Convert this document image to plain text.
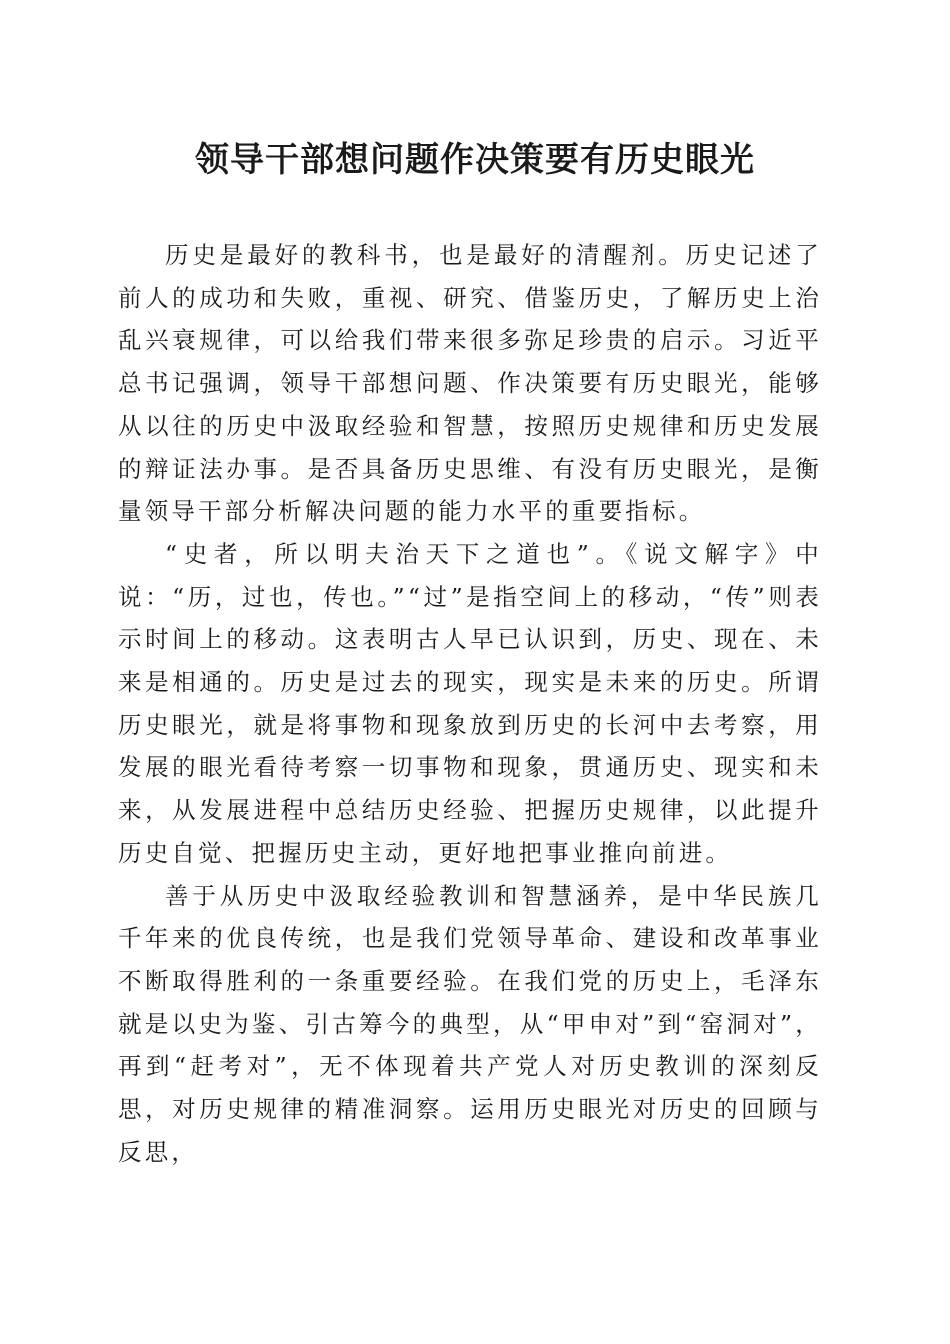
领导干部想问题作决策要有历史眼光

历史是最好的教科书，也是最好的清醒剂。历史记述了前人的成功和失败，重视、研究、借鉴历史，了解历史上治乱兴衰规律，可以给我们带来很多弥足珍贵的启示。习近平总书记强调，领导干部想问题、作决策要有历史眼光，能够从以往的历史中汲取经验和智慧，按照历史规律和历史发展的辩证法办事。是否具备历史思维、有没有历史眼光，是衡量领导干部分析解决问题的能力水平的重要指标。

“史者，所以明夫治天下之道也”。《说文解字》中说：“历，过也，传也。”“过”是指空间上的移动，“传”则表示时间上的移动。这表明古人早已认识到，历史、现在、未来是相通的。历史是过去的现实，现实是未来的历史。所谓历史眼光，就是将事物和现象放到历史的长河中去考察，用发展的眼光看待考察一切事物和现象，贯通历史、现实和未来，从发展进程中总结历史经验、把握历史规律，以此提升历史自觉、把握历史主动，更好地把事业推向前进。

善于从历史中汲取经验教训和智慧涵养，是中华民族几千年来的优良传统，也是我们党领导革命、建设和改革事业不断取得胜利的一条重要经验。在我们党的历史上，毛泽东就是以史为鉴、引古筹今的典型，从“甲申对”到“窑洞对”，再到“赶考对”，无不体现着共产党人对历史教训的深刻反思，对历史规律的精准洞察。运用历史眼光对历史的回顾与反思，
